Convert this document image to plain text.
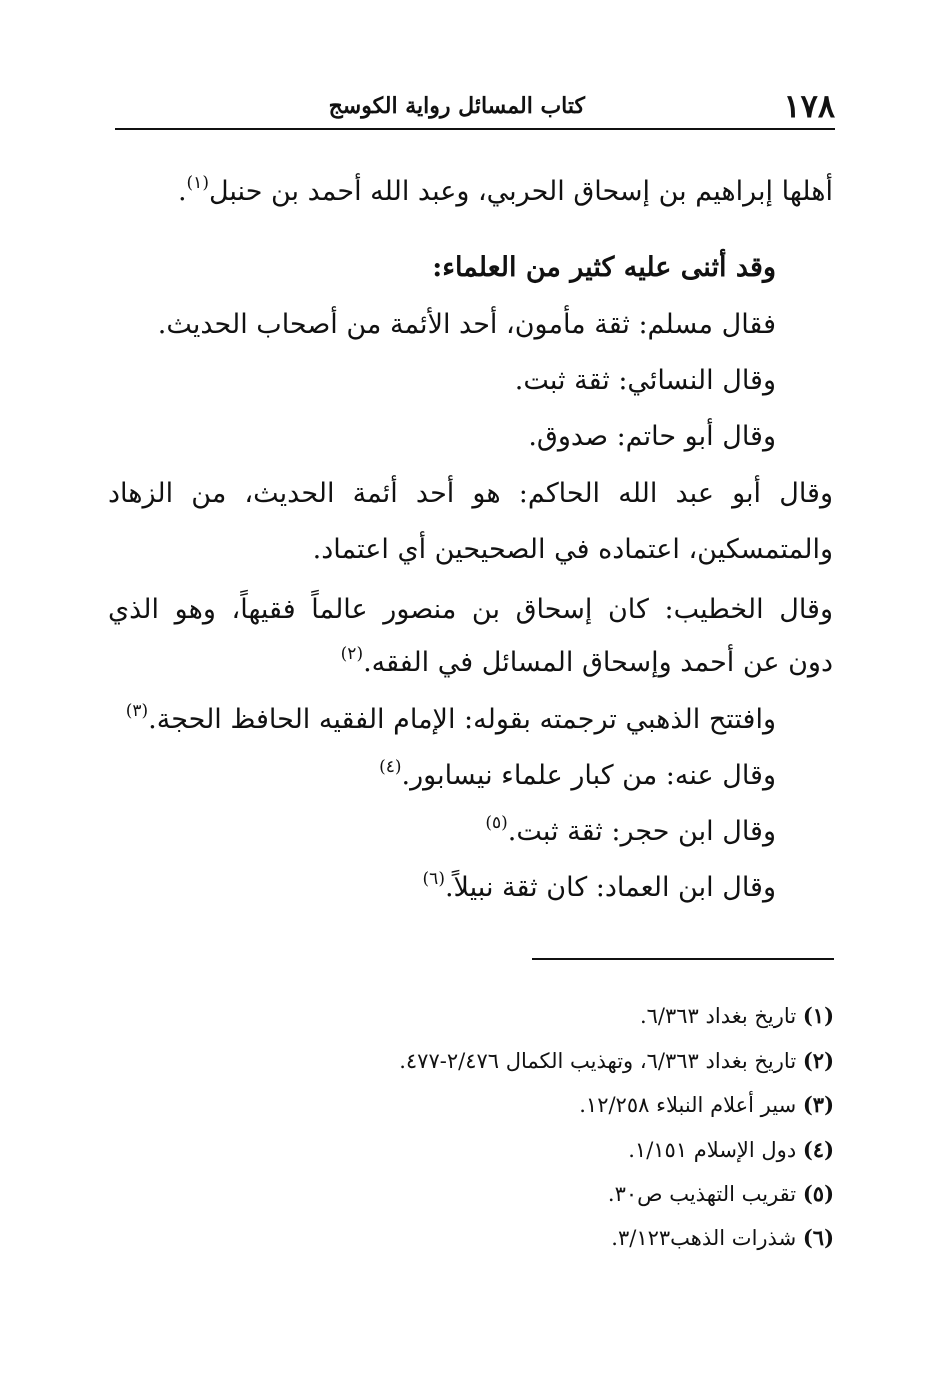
١٧٨
كتاب المسائل رواية الكوسج
أهلها إبراهيم بن إسحاق الحربي، وعبد الله أحمد بن حنبل$^{(١)}$.
وقد أثنى عليه كثير من العلماء:
فقال مسلم: ثقة مأمون، أحد الأئمة من أصحاب الحديث.
وقال النسائي: ثقة ثبت.
وقال أبو حاتم: صدوق.
وقال أبو عبد الله الحاكم: هو أحد أئمة الحديث، من الزهاد
والمتمسكين، اعتماده في الصحيحين أي اعتماد.
وقال الخطيب: كان إسحاق بن منصور عالماً فقيهاً، وهو الذي
دون عن أحمد وإسحاق المسائل في الفقه.$^{(٢)}$
وافتتح الذهبي ترجمته بقوله: الإمام الفقيه الحافظ الحجة.$^{(٣)}$
وقال عنه: من كبار علماء نيسابور.$^{(٤)}$
وقال ابن حجر: ثقة ثبت.$^{(٥)}$
وقال ابن العماد: كان ثقة نبيلاً.$^{(٦)}$
(١) تاريخ بغداد ٦/٣٦٣.
(٢) تاريخ بغداد ٦/٣٦٣، وتهذيب الكمال ٢/٤٧٦-٤٧٧.
(٣) سير أعلام النبلاء ١٢/٢٥٨.
(٤) دول الإسلام ١/١٥١.
(٥) تقريب التهذيب ص٣٠.
(٦) شذرات الذهب٣/١٢٣.
